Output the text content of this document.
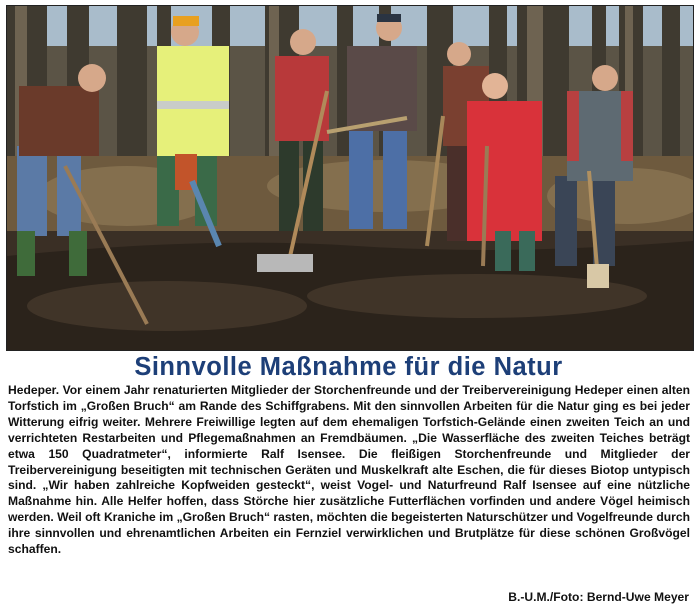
Sinnvolle Maßnahme für die Natur

Hedeper. Vor einem Jahr renaturierten Mitglieder der Storchenfreunde und der Treibervereinigung Hedeper einen alten Torfstich im „Großen Bruch“ am Rande des Schiffgrabens. Mit den sinnvollen Arbeiten für die Natur ging es bei jeder Witterung eifrig weiter. Mehrere Freiwillige legten auf dem ehemaligen Torfstich-Gelände einen zweiten Teich an und verrichteten Restarbeiten und Pflegemaßnahmen an Fremdbäumen. „Die Wasserfläche des zweiten Teiches beträgt etwa 150 Quadratmeter“, informierte Ralf Isensee. Die fleißigen Storchenfreunde und Mitglieder der Treibervereinigung beseitigten mit technischen Geräten und Muskelkraft alte Eschen, die für dieses Biotop untypisch sind. „Wir haben zahlreiche Kopfweiden gesteckt“, weist Vogel- und Naturfreund Ralf Isensee auf eine nützliche Maßnahme hin. Alle Helfer hoffen, dass Störche hier zusätzliche Futterflächen vorfinden und andere Vögel heimisch werden. Weil oft Kraniche im „Großen Bruch“ rasten, möchten die begeisterten Naturschützer und Vogelfreunde durch ihre sinnvollen und ehrenamtlichen Arbeiten ein Fernziel verwirklichen und Brutplätze für diese schönen Großvögel schaffen.

B.-U.M./Foto: Bernd-Uwe Meyer
